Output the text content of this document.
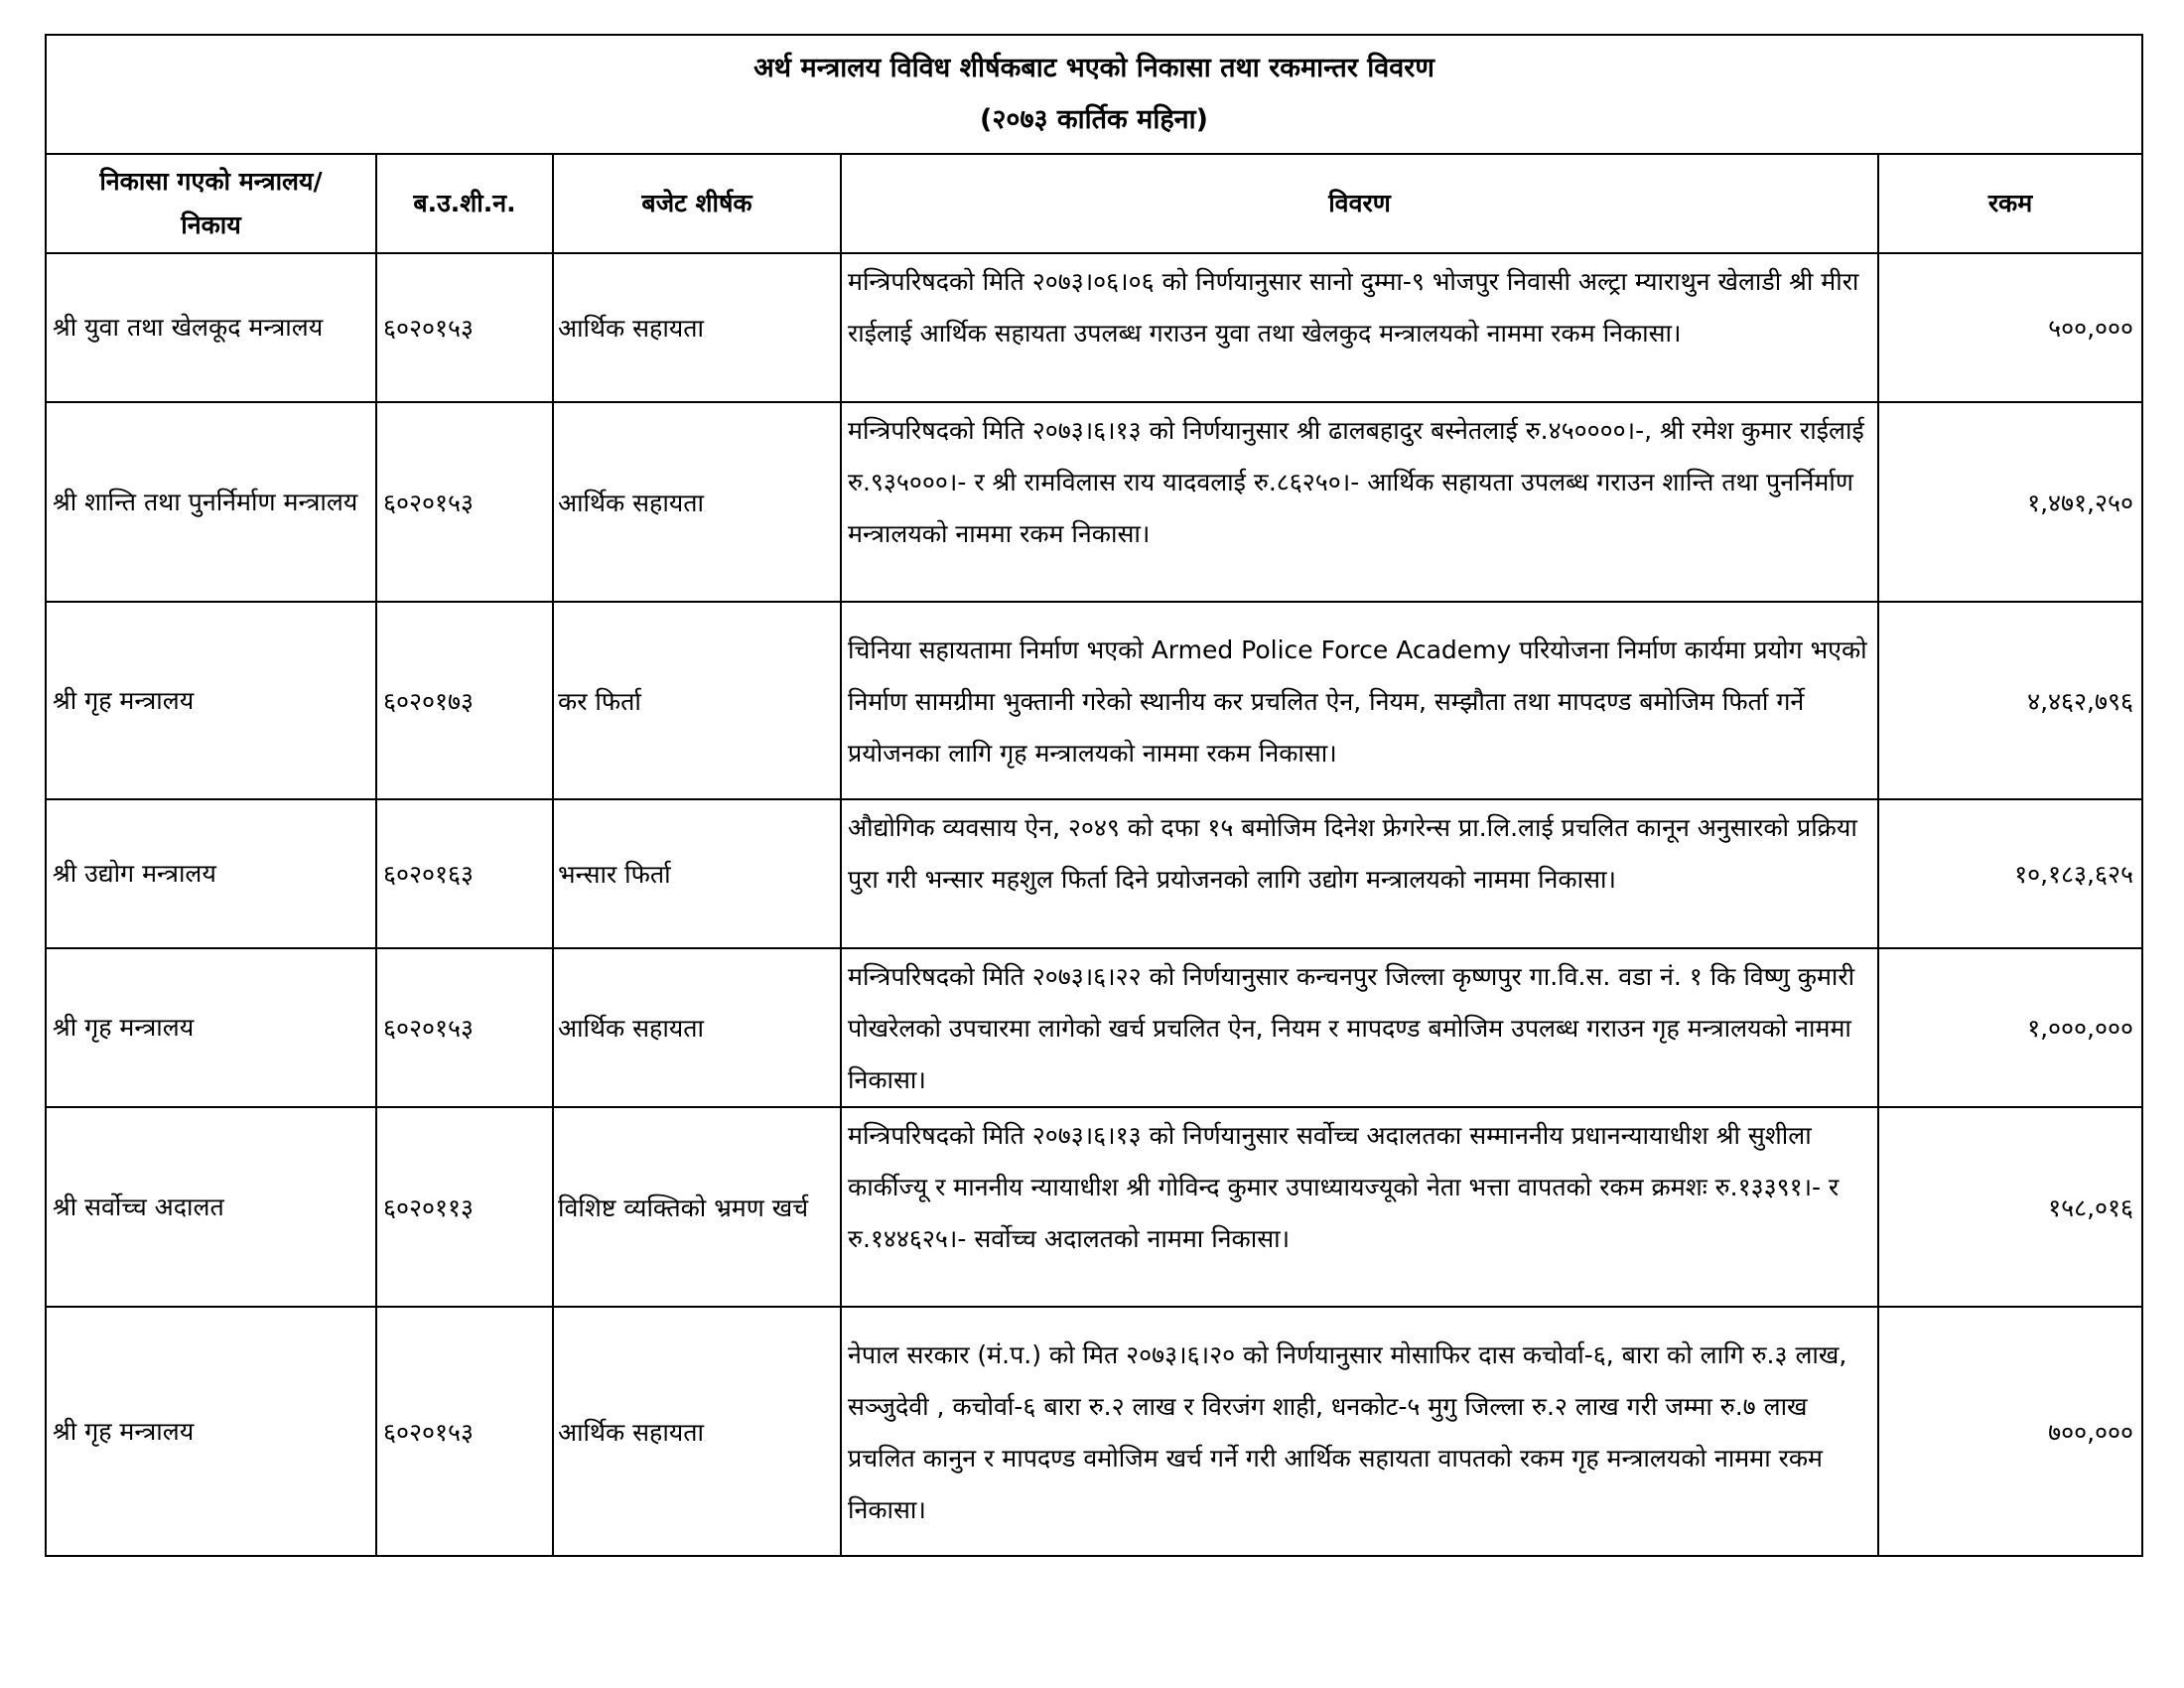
अर्थ मन्त्रालय विविध शीर्षकबाट भएको निकासा तथा रकमान्तर विवरण
(२०७३ कार्तिक महिना)				

निकासा गएको मन्त्रालय/निकाय	ब.उ.शी.न.	बजेट शीर्षक	विवरण	रकम
श्री युवा तथा खेलकूद मन्त्रालय	६०२०१५३	आर्थिक सहायता	मन्त्रिपरिषदको मिति २०७३।०६।०६ को निर्णयानुसार सानो दुम्मा-९ भोजपुर निवासी अल्ट्रा म्याराथुन खेलाडी श्री मीरा राईलाई आर्थिक सहायता उपलब्ध गराउन युवा तथा खेलकुद मन्त्रालयको नाममा रकम निकासा।	५००,०००
श्री शान्ति तथा पुनर्निर्माण मन्त्रालय	६०२०१५३	आर्थिक सहायता	मन्त्रिपरिषदको मिति २०७३।६।१३ को निर्णयानुसार श्री ढालबहादुर बस्नेतलाई रु.४५००००।-, श्री रमेश कुमार राईलाई रु.९३५०००।- र श्री रामविलास राय यादवलाई रु.८६२५०।- आर्थिक सहायता उपलब्ध गराउन शान्ति तथा पुनर्निर्माण मन्त्रालयको नाममा रकम निकासा।	१,४७१,२५०
श्री गृह मन्त्रालय	६०२०१७३	कर फिर्ता	चिनिया सहायतामा निर्माण भएको Armed Police Force Academy परियोजना निर्माण कार्यमा प्रयोग भएको निर्माण सामग्रीमा भुक्तानी गरेको स्थानीय कर प्रचलित ऐन, नियम, सम्झौता तथा मापदण्ड बमोजिम फिर्ता गर्ने प्रयोजनका लागि गृह मन्त्रालयको नाममा रकम निकासा।	४,४६२,७९६
श्री उद्योग मन्त्रालय	६०२०१६३	भन्सार फिर्ता	औद्योगिक व्यवसाय ऐन, २०४९ को दफा १५ बमोजिम दिनेश फ्रेगरेन्स प्रा.लि.लाई प्रचलित कानून अनुसारको प्रक्रिया पुरा गरी भन्सार महशुल फिर्ता दिने प्रयोजनको लागि उद्योग मन्त्रालयको नाममा निकासा।	१०,१८३,६२५
श्री गृह मन्त्रालय	६०२०१५३	आर्थिक सहायता	मन्त्रिपरिषदको मिति २०७३।६।२२ को निर्णयानुसार कन्चनपुर जिल्ला कृष्णपुर गा.वि.स. वडा नं. १ कि विष्णु कुमारी पोखरेलको उपचारमा लागेको खर्च प्रचलित ऐन, नियम र मापदण्ड बमोजिम उपलब्ध गराउन गृह मन्त्रालयको नाममा निकासा।	१,०००,०००
श्री सर्वोच्च अदालत	६०२०११३	विशिष्ट व्यक्तिको भ्रमण खर्च	मन्त्रिपरिषदको मिति २०७३।६।१३ को निर्णयानुसार सर्वोच्च अदालतका सम्माननीय प्रधानन्यायाधीश श्री सुशीला कार्कीज्यू र माननीय न्यायाधीश श्री गोविन्द कुमार उपाध्यायज्यूको नेता भत्ता वापतको रकम क्रमशः रु.१३३९१।- र रु.१४४६२५।- सर्वोच्च अदालतको नाममा निकासा।	१५८,०१६
श्री गृह मन्त्रालय	६०२०१५३	आर्थिक सहायता	नेपाल सरकार (मं.प.) को मित २०७३।६।२० को निर्णयानुसार मोसाफिर दास कचोर्वा-६, बारा को लागि रु.३ लाख, सञ्जुदेवी , कचोर्वा-६ बारा रु.२ लाख र विरजंग शाही, धनकोट-५ मुगु जिल्ला रु.२ लाख गरी जम्मा रु.७ लाख प्रचलित कानुन र मापदण्ड वमोजिम खर्च गर्ने गरी आर्थिक सहायता वापतको रकम गृह मन्त्रालयको नाममा रकम निकासा।	७००,०००
